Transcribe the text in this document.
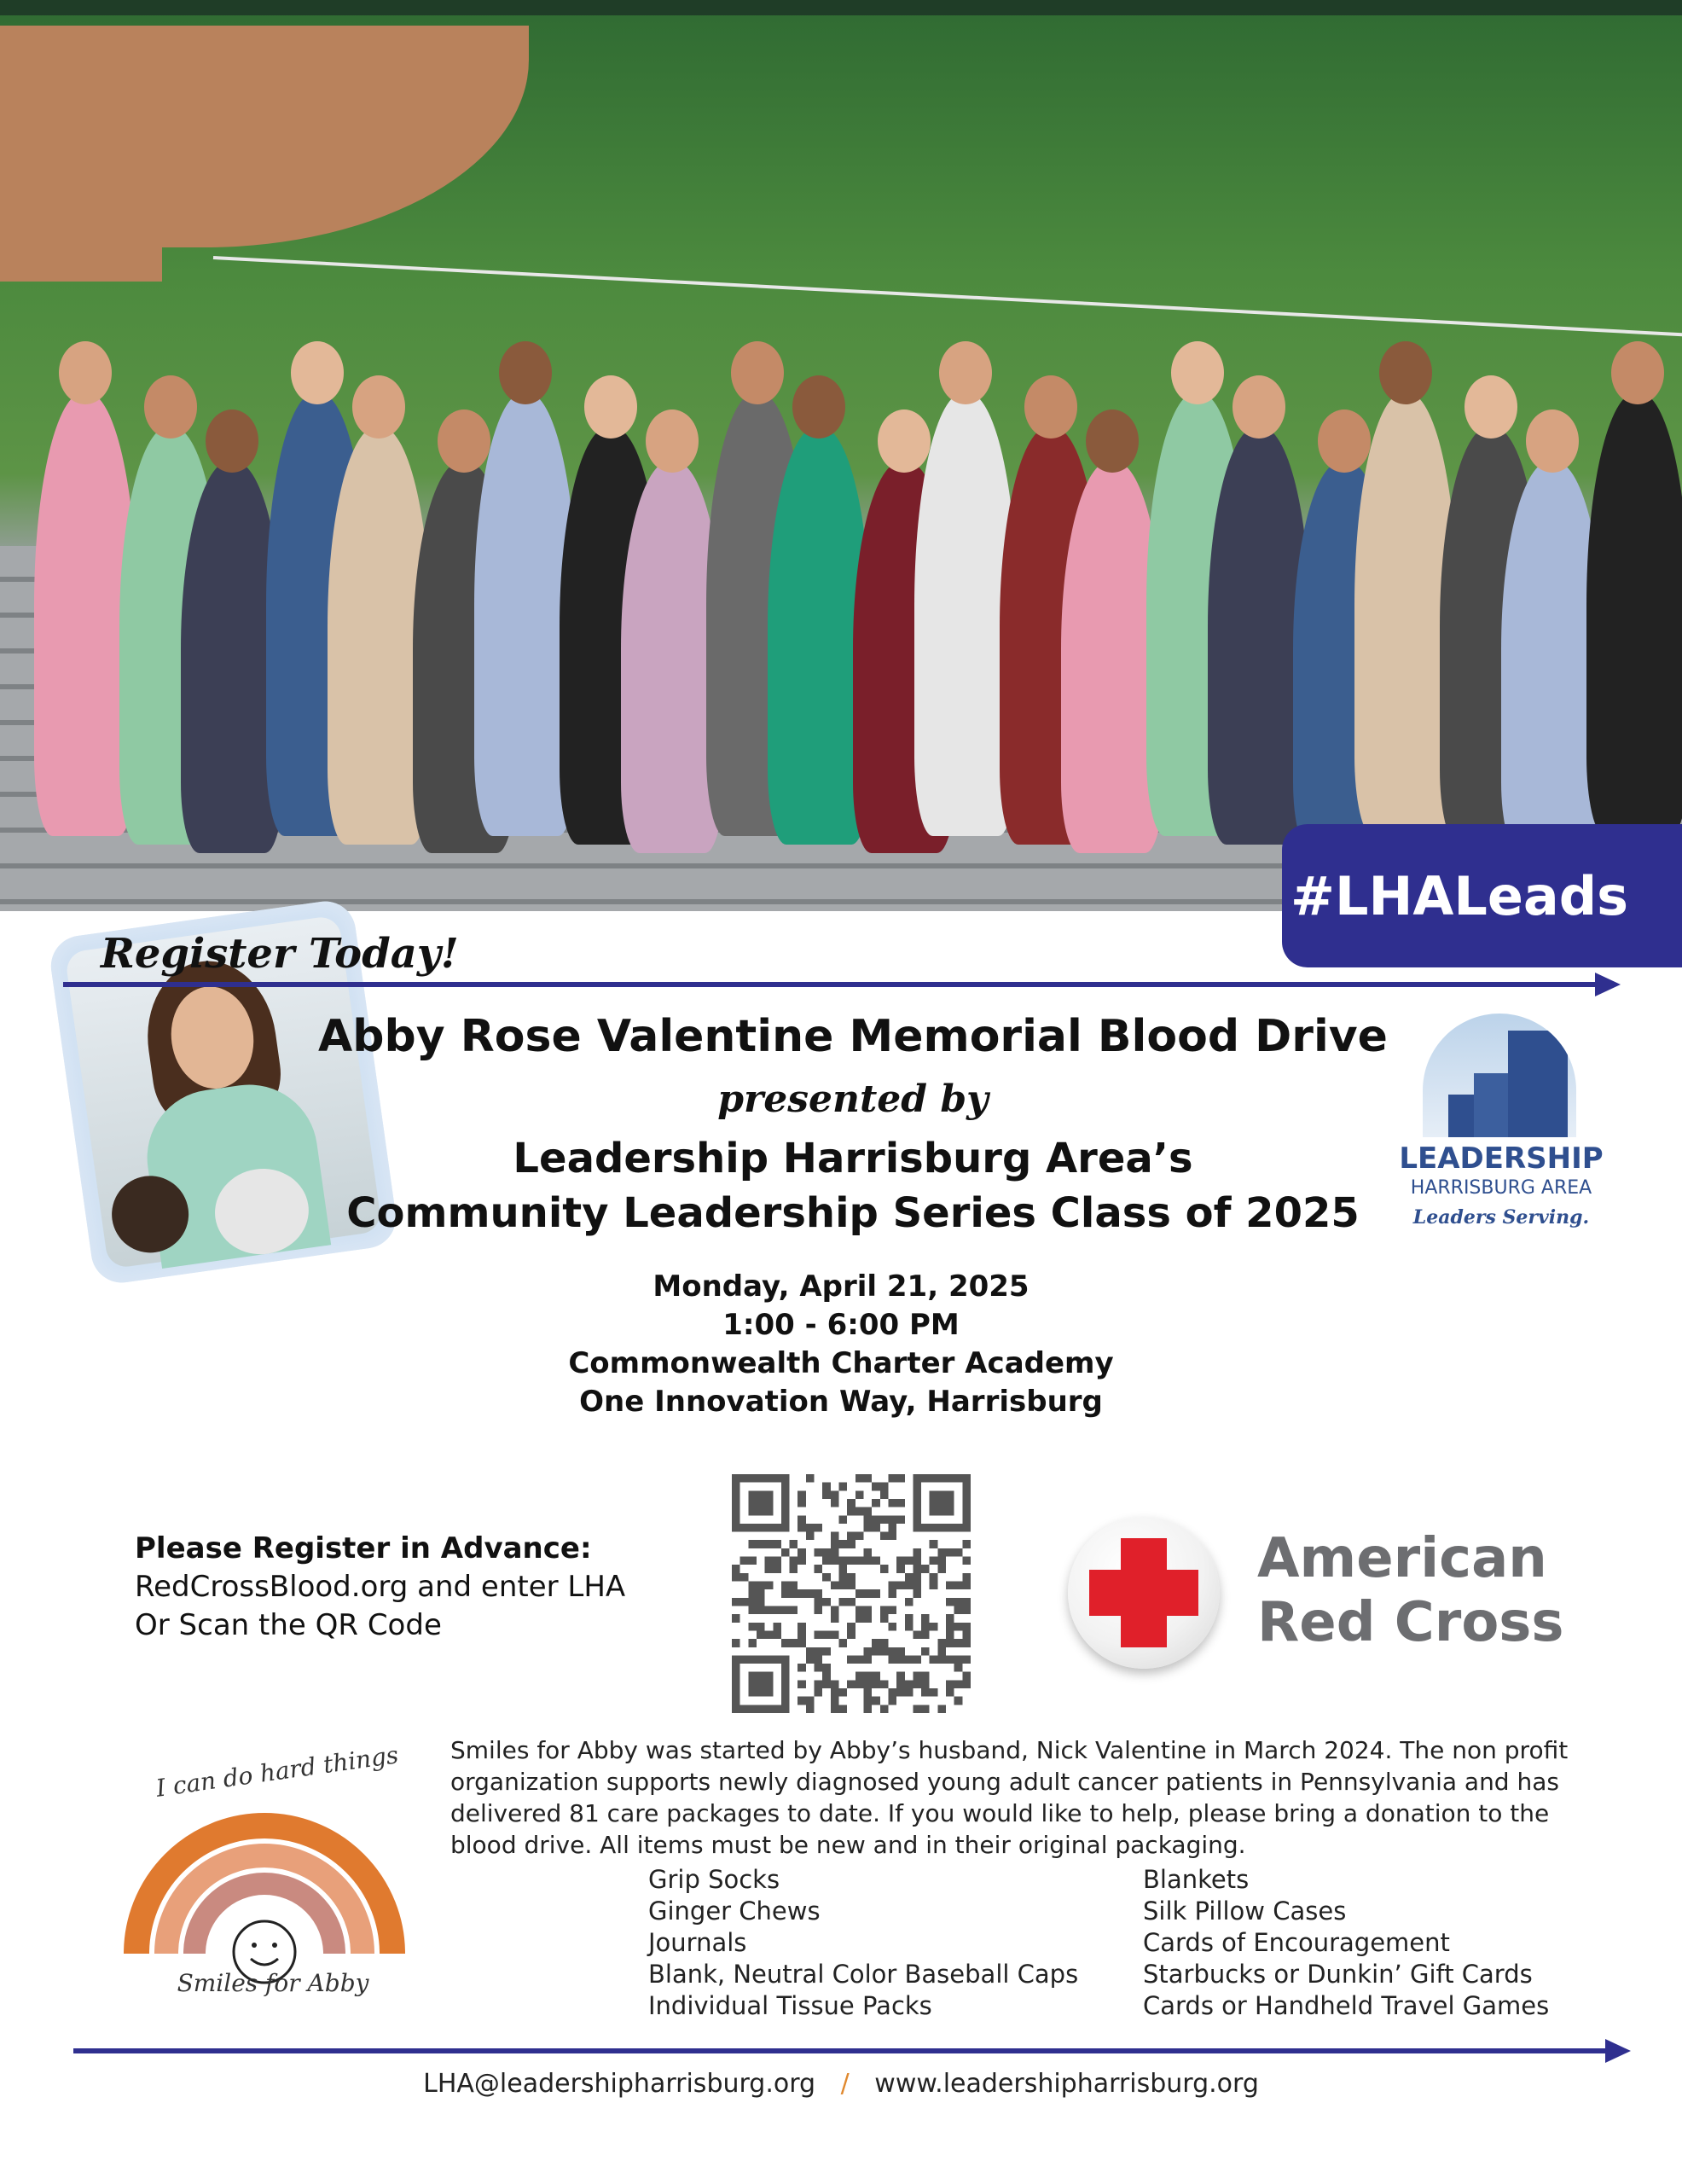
#LHALeads
Register Today!
Abby Rose Valentine Memorial Blood Drive
presented by
Leadership Harrisburg Area’s
Community Leadership Series Class of 2025
LEADERSHIP
HARRISBURG AREA
Leaders Serving.
Monday, April 21, 2025
1:00 - 6:00 PM
Commonwealth Charter Academy
One Innovation Way, Harrisburg
Please Register in Advance:
RedCrossBlood.org and enter LHA
Or Scan the QR Code
American
Red Cross
I can do hard things
Smiles for Abby
Smiles for Abby was started by Abby’s husband, Nick Valentine in March 2024. The non profit organization supports newly diagnosed young adult cancer patients in Pennsylvania and has delivered 81 care packages to date. If you would like to help, please bring a donation to the blood drive. All items must be new and in their original packaging.
Grip Socks
Ginger Chews
Journals
Blank, Neutral Color Baseball Caps
Individual Tissue Packs
Blankets
Silk Pillow Cases
Cards of Encouragement
Starbucks or Dunkin’ Gift Cards
Cards or Handheld Travel Games
LHA@leadershipharrisburg.org / www.leadershipharrisburg.org
